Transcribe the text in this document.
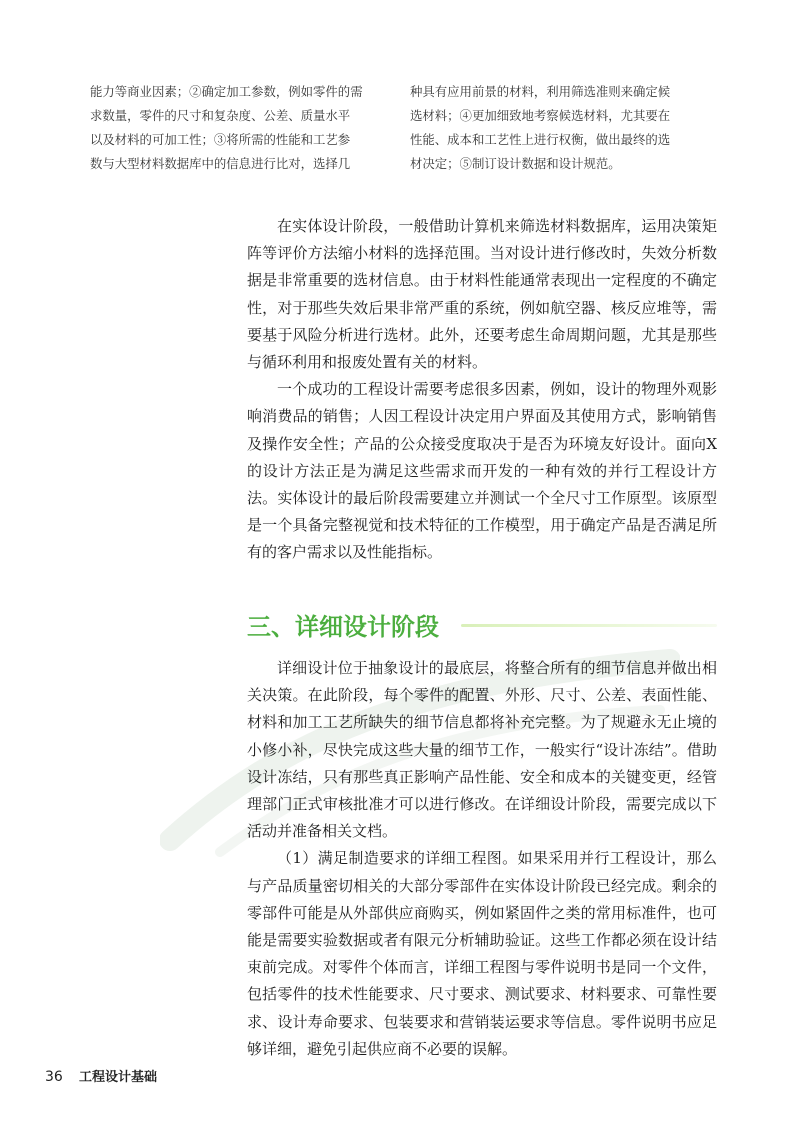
能力等商业因素；②确定加工参数，例如零件的需
求数量，零件的尺寸和复杂度、公差、质量水平
以及材料的可加工性；③将所需的性能和工艺参
数与大型材料数据库中的信息进行比对，选择几
种具有应用前景的材料，利用筛选准则来确定候
选材料；④更加细致地考察候选材料，尤其要在
性能、成本和工艺性上进行权衡，做出最终的选
材决定；⑤制订设计数据和设计规范。

在实体设计阶段，一般借助计算机来筛选材料数据库，运用决策矩阵等评价方法缩小材料的选择范围。当对设计进行修改时，失效分析数据是非常重要的选材信息。由于材料性能通常表现出一定程度的不确定性，对于那些失效后果非常严重的系统，例如航空器、核反应堆等，需要基于风险分析进行选材。此外，还要考虑生命周期问题，尤其是那些与循环利用和报废处置有关的材料。

一个成功的工程设计需要考虑很多因素，例如，设计的物理外观影响消费品的销售；人因工程设计决定用户界面及其使用方式，影响销售及操作安全性；产品的公众接受度取决于是否为环境友好设计。面向X的设计方法正是为满足这些需求而开发的一种有效的并行工程设计方法。实体设计的最后阶段需要建立并测试一个全尺寸工作原型。该原型是一个具备完整视觉和技术特征的工作模型，用于确定产品是否满足所有的客户需求以及性能指标。

三、详细设计阶段

详细设计位于抽象设计的最底层，将整合所有的细节信息并做出相关决策。在此阶段，每个零件的配置、外形、尺寸、公差、表面性能、材料和加工工艺所缺失的细节信息都将补充完整。为了规避永无止境的小修小补，尽快完成这些大量的细节工作，一般实行“设计冻结”。借助设计冻结，只有那些真正影响产品性能、安全和成本的关键变更，经管理部门正式审核批准才可以进行修改。在详细设计阶段，需要完成以下活动并准备相关文档。

（1）满足制造要求的详细工程图。如果采用并行工程设计，那么与产品质量密切相关的大部分零部件在实体设计阶段已经完成。剩余的零部件可能是从外部供应商购买，例如紧固件之类的常用标准件，也可能是需要实验数据或者有限元分析辅助验证。这些工作都必须在设计结束前完成。对零件个体而言，详细工程图与零件说明书是同一个文件，包括零件的技术性能要求、尺寸要求、测试要求、材料要求、可靠性要求、设计寿命要求、包装要求和营销装运要求等信息。零件说明书应足够详细，避免引起供应商不必要的误解。

36 工程设计基础
